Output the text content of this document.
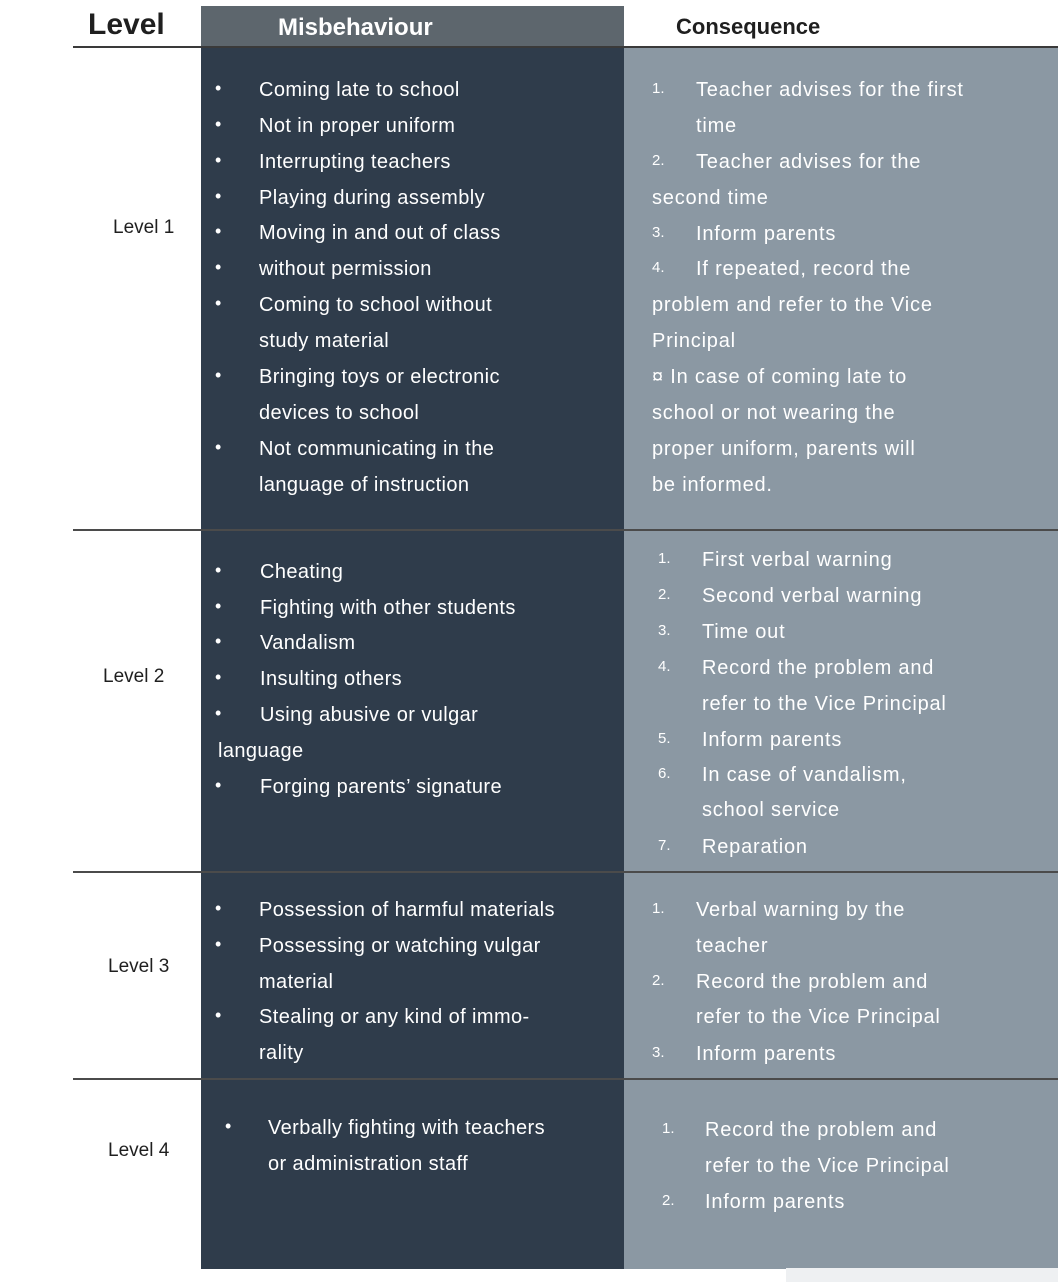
Level	Misbehaviour	Consequence
Level 1
• Coming late to school
• Not in proper uniform
• Interrupting teachers
• Playing during assembly
• Moving in and out of class
• without permission
• Coming to school without
study material
• Bringing toys or electronic
devices to school
• Not communicating in the
language of instruction
1. Teacher advises for the first
time
2. Teacher advises for the
second time
3. Inform parents
4. If repeated, record the
problem and refer to the Vice
Principal
¤ In case of coming late to
school or not wearing the
proper uniform, parents will
be informed.
Level 2
• Cheating
• Fighting with other students
• Vandalism
• Insulting others
• Using abusive or vulgar
language
• Forging parents’ signature
1. First verbal warning
2. Second verbal warning
3. Time out
4. Record the problem and
refer to the Vice Principal
5. Inform parents
6. In case of vandalism,
school service
7. Reparation
Level 3
• Possession of harmful materials
• Possessing or watching vulgar
material
• Stealing or any kind of immo-
rality
1. Verbal warning by the
teacher
2. Record the problem and
refer to the Vice Principal
3. Inform parents
Level 4
• Verbally fighting with teachers
or administration staff
1. Record the problem and
refer to the Vice Principal
2. Inform parents
